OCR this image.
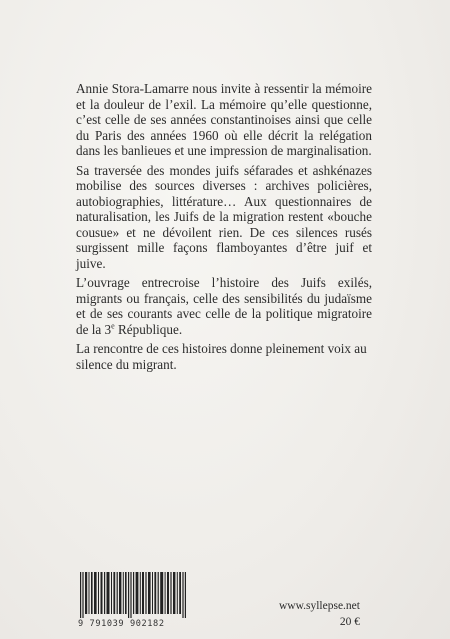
Annie Stora-Lamarre nous invite à ressentir la mémoire et la douleur de l’exil. La mémoire qu’elle questionne, c’est celle de ses années constantinoises ainsi que celle du Paris des années 1960 où elle décrit la relégation dans les banlieues et une impression de marginalisation.

Sa traversée des mondes juifs séfarades et ashkénazes mobilise des sources diverses : archives policières, autobiographies, littérature… Aux questionnaires de naturalisation, les Juifs de la migration restent «bouche cousue» et ne dévoilent rien. De ces silences rusés surgissent mille façons flamboyantes d’être juif et juive.

L’ouvrage entrecroise l’histoire des Juifs exilés, migrants ou français, celle des sensibilités du judaïsme et de ses courants avec celle de la politique migratoire de la 3e République.

La rencontre de ces histoires donne pleinement voix au silence du migrant.

9 791039 902182
www.syllepse.net
20 €
